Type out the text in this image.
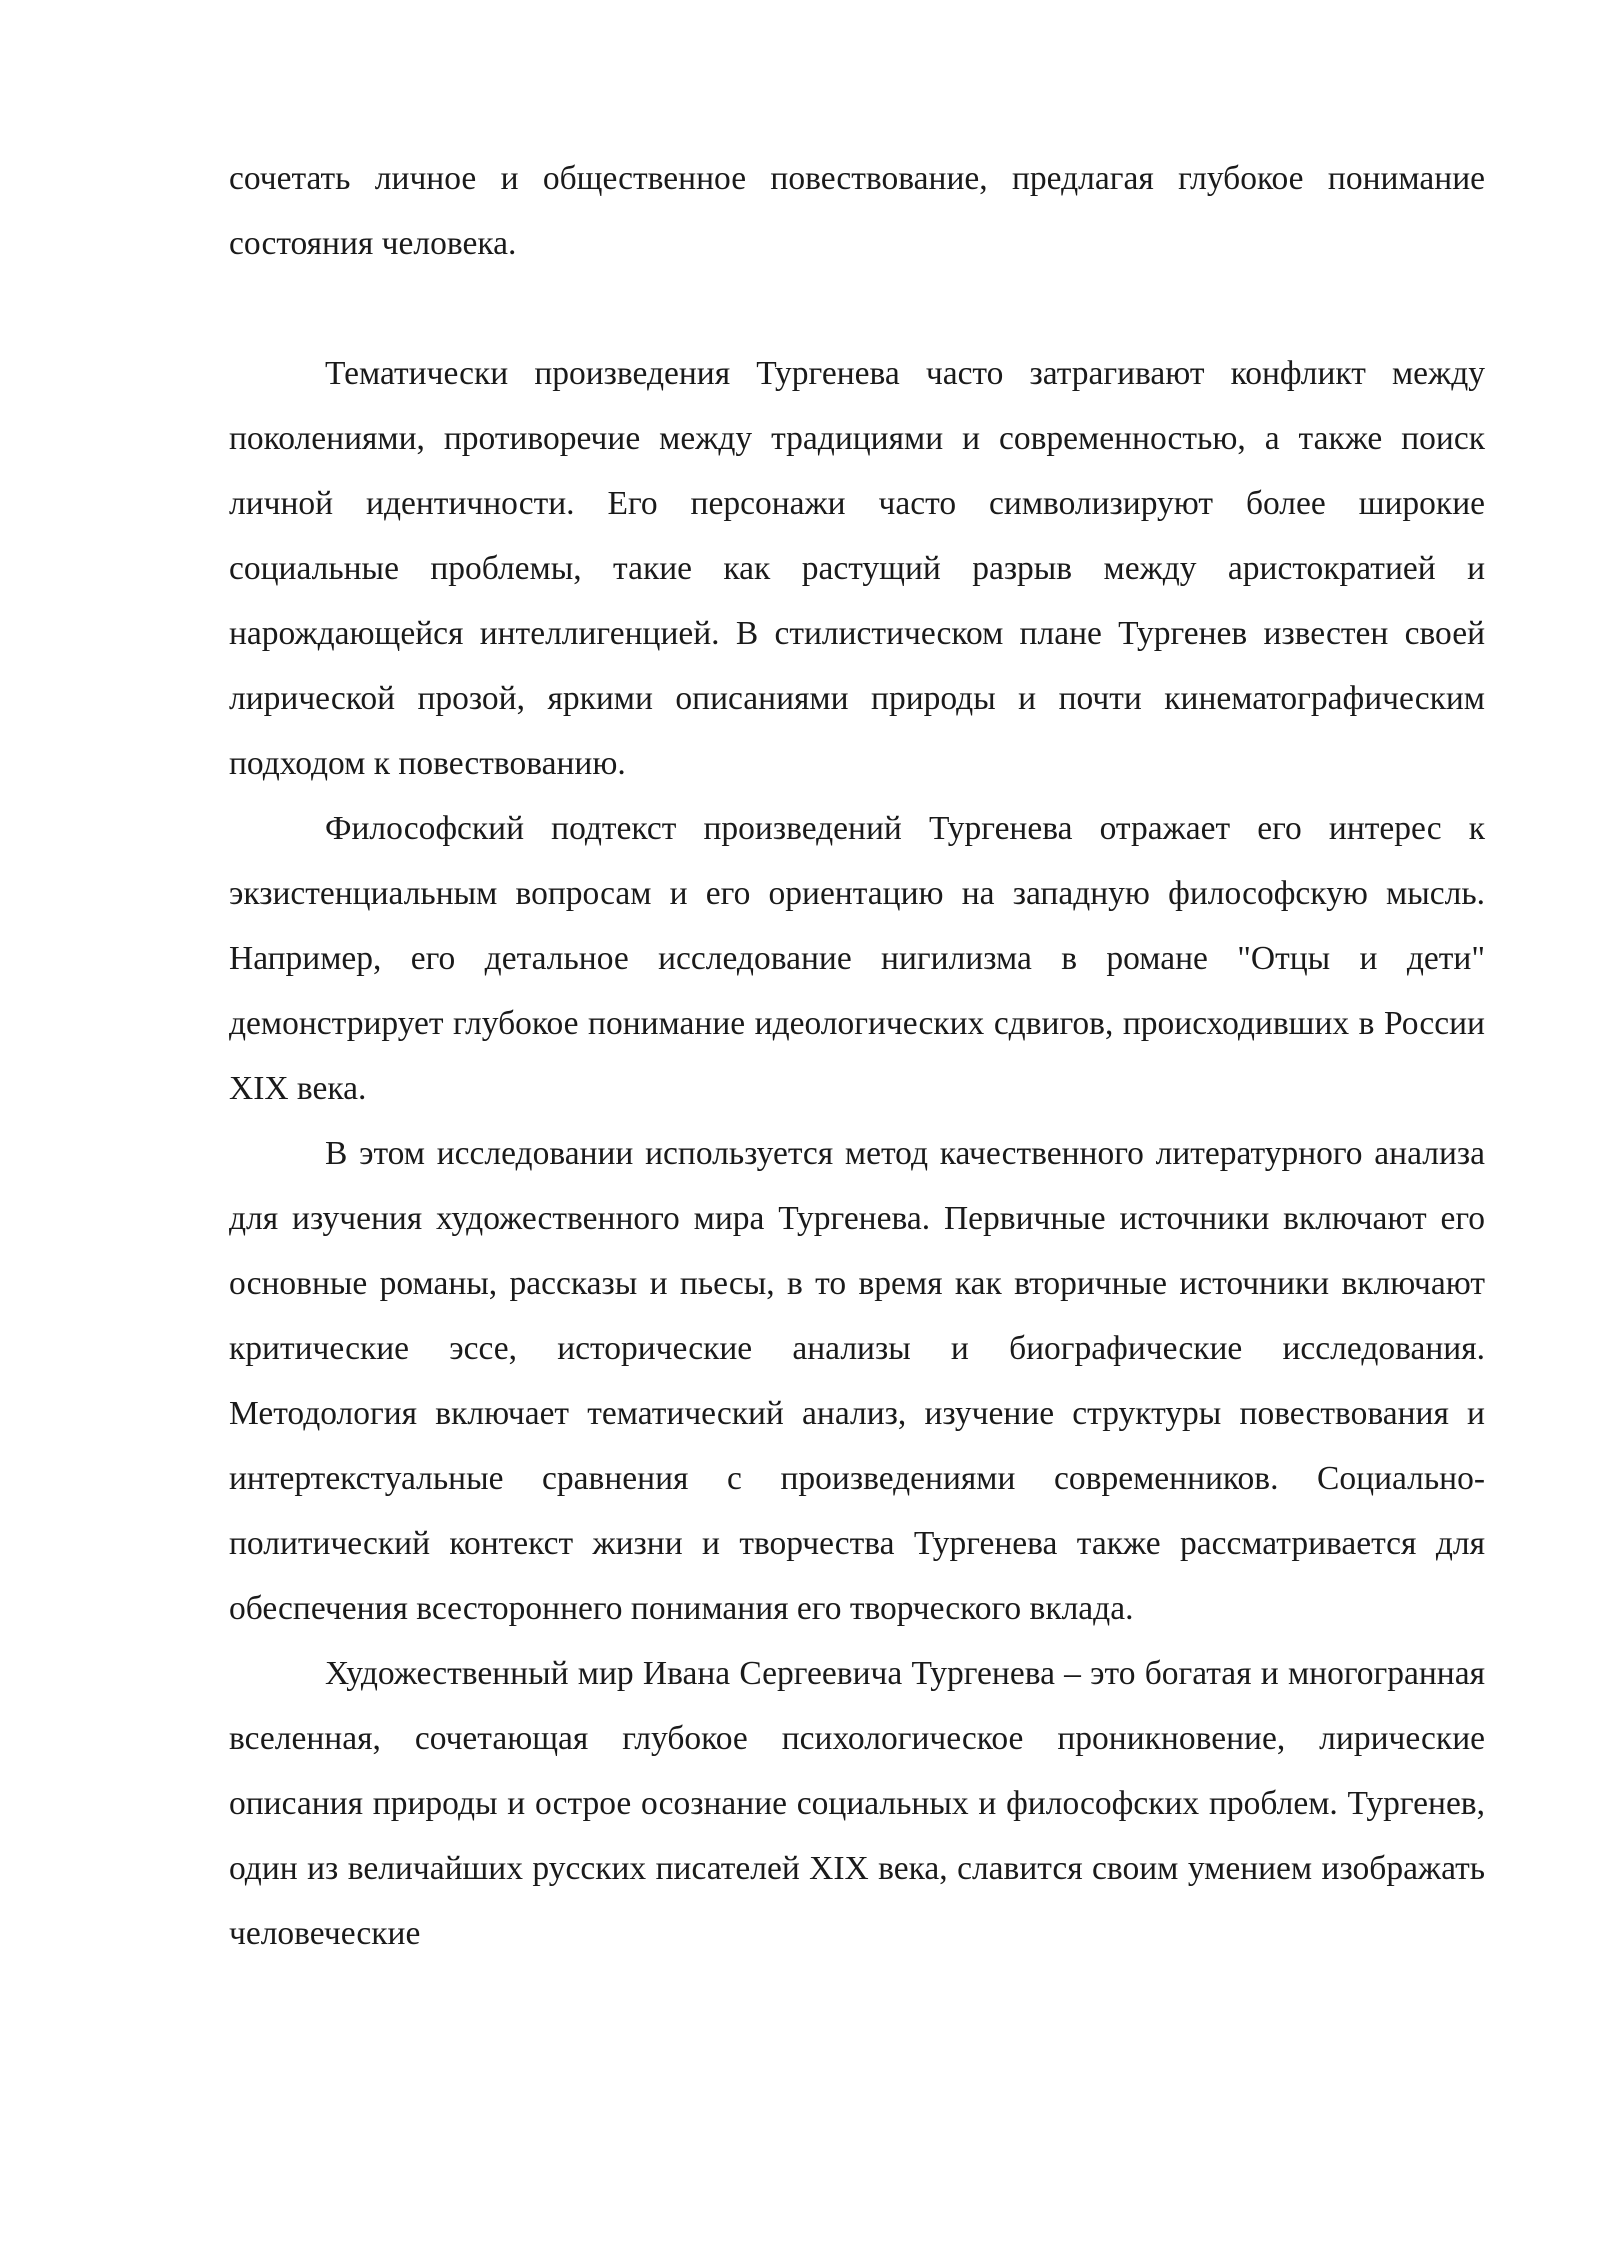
сочетать личное и общественное повествование, предлагая глубокое понимание состояния человека.

Тематически произведения Тургенева часто затрагивают конфликт между поколениями, противоречие между традициями и современностью, а также поиск личной идентичности. Его персонажи часто символизируют более широкие социальные проблемы, такие как растущий разрыв между аристократией и нарождающейся интеллигенцией. В стилистическом плане Тургенев известен своей лирической прозой, яркими описаниями природы и почти кинематографическим подходом к повествованию.

Философский подтекст произведений Тургенева отражает его интерес к экзистенциальным вопросам и его ориентацию на западную философскую мысль. Например, его детальное исследование нигилизма в романе "Отцы и дети" демонстрирует глубокое понимание идеологических сдвигов, происходивших в России XIX века.

В этом исследовании используется метод качественного литературного анализа для изучения художественного мира Тургенева. Первичные источники включают его основные романы, рассказы и пьесы, в то время как вторичные источники включают критические эссе, исторические анализы и биографические исследования. Методология включает тематический анализ, изучение структуры повествования и интертекстуальные сравнения с произведениями современников. Социально-политический контекст жизни и творчества Тургенева также рассматривается для обеспечения всестороннего понимания его творческого вклада.

Художественный мир Ивана Сергеевича Тургенева – это богатая и многогранная вселенная, сочетающая глубокое психологическое проникновение, лирические описания природы и острое осознание социальных и философских проблем. Тургенев, один из величайших русских писателей XIX века, славится своим умением изображать человеческие
